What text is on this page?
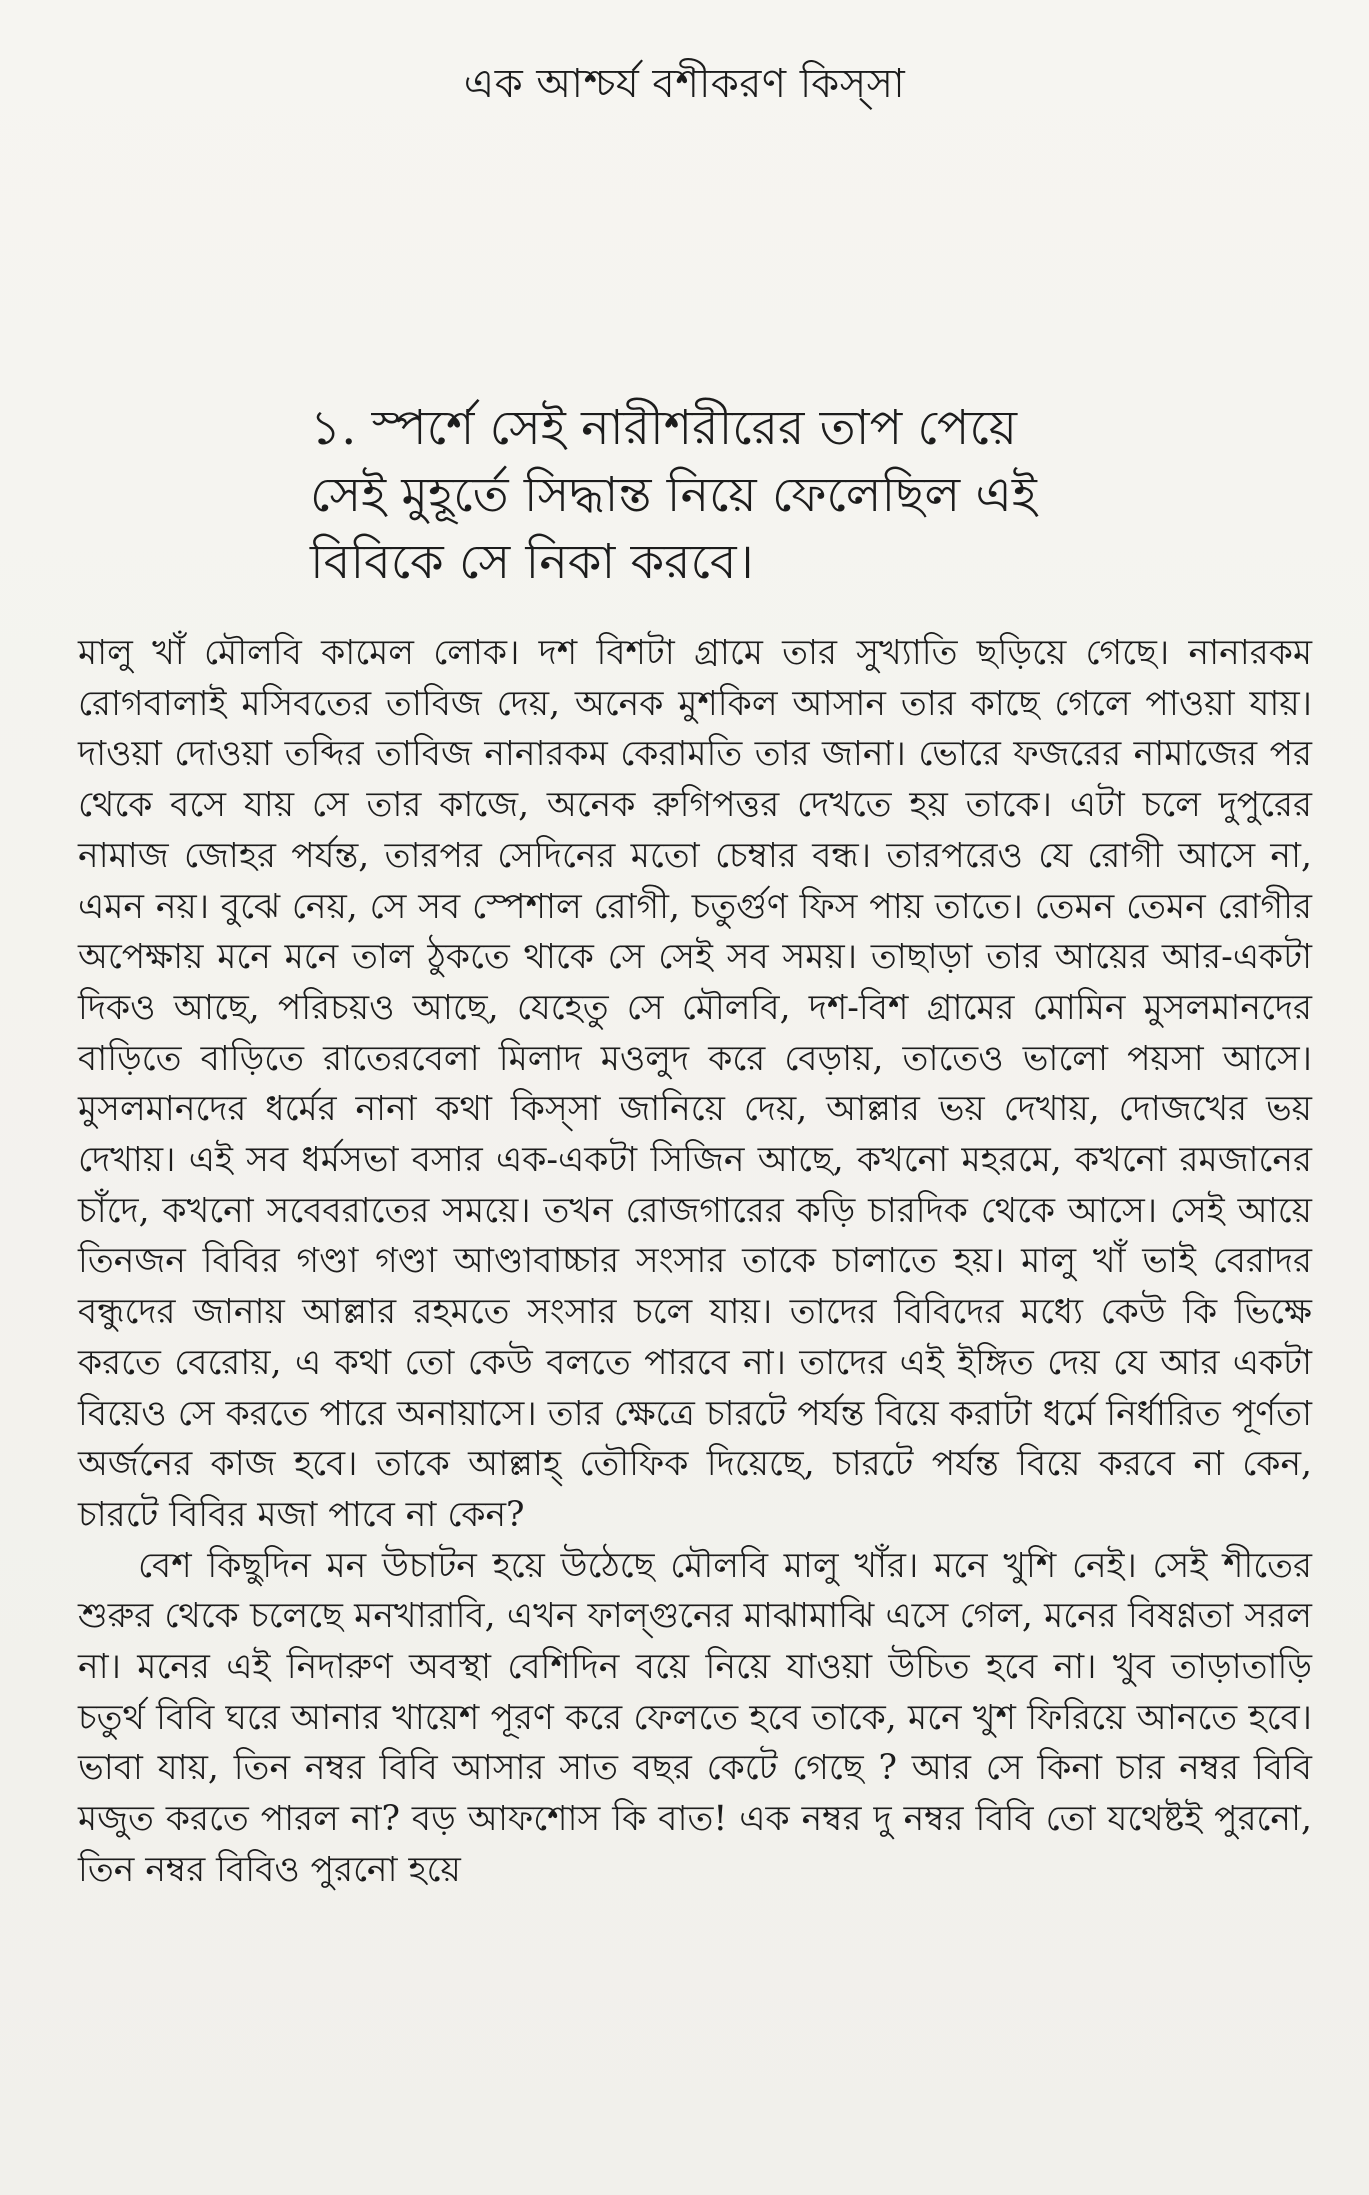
এক আশ্চর্য বশীকরণ কিস্‌সা
১. স্পর্শে সেই নারীশরীরের তাপ পেয়ে সেই মুহূর্তে সিদ্ধান্ত নিয়ে ফেলেছিল এই বিবিকে সে নিকা করবে।

মালু খাঁ মৌলবি কামেল লোক। দশ বিশটা গ্রামে তার সুখ্যাতি ছড়িয়ে গেছে। নানারকম রোগবালাই মসিবতের তাবিজ দেয়, অনেক মুশকিল আসান তার কাছে গেলে পাওয়া যায়। দাওয়া দোওয়া তব্দির তাবিজ নানারকম কেরামতি তার জানা। ভোরে ফজরের নামাজের পর থেকে বসে যায় সে তার কাজে, অনেক রুগিপত্তর দেখতে হয় তাকে। এটা চলে দুপুরের নামাজ জোহর পর্যন্ত, তারপর সেদিনের মতো চেম্বার বন্ধ। তারপরেও যে রোগী আসে না, এমন নয়। বুঝে নেয়, সে সব স্পেশাল রোগী, চতুর্গুণ ফিস পায় তাতে। তেমন তেমন রোগীর অপেক্ষায় মনে মনে তাল ঠুকতে থাকে সে সেই সব সময়। তাছাড়া তার আয়ের আর-একটা দিকও আছে, পরিচয়ও আছে, যেহেতু সে মৌলবি, দশ-বিশ গ্রামের মোমিন মুসলমানদের বাড়িতে বাড়িতে রাতেরবেলা মিলাদ মওলুদ করে বেড়ায়, তাতেও ভালো পয়সা আসে। মুসলমানদের ধর্মের নানা কথা কিস্‌সা জানিয়ে দেয়, আল্লার ভয় দেখায়, দোজখের ভয় দেখায়। এই সব ধর্মসভা বসার এক-একটা সিজিন আছে, কখনো মহরমে, কখনো রমজানের চাঁদে, কখনো সবেবরাতের সময়ে। তখন রোজগারের কড়ি চারদিক থেকে আসে। সেই আয়ে তিনজন বিবির গণ্ডা গণ্ডা আণ্ডাবাচ্চার সংসার তাকে চালাতে হয়। মালু খাঁ ভাই বেরাদর বন্ধুদের জানায় আল্লার রহমতে সংসার চলে যায়। তাদের বিবিদের মধ্যে কেউ কি ভিক্ষে করতে বেরোয়, এ কথা তো কেউ বলতে পারবে না। তাদের এই ইঙ্গিত দেয় যে আর একটা বিয়েও সে করতে পারে অনায়াসে। তার ক্ষেত্রে চারটে পর্যন্ত বিয়ে করাটা ধর্মে নির্ধারিত পূর্ণতা অর্জনের কাজ হবে। তাকে আল্লাহ্‌ তৌফিক দিয়েছে, চারটে পর্যন্ত বিয়ে করবে না কেন, চারটে বিবির মজা পাবে না কেন?

বেশ কিছুদিন মন উচাটন হয়ে উঠেছে মৌলবি মালু খাঁর। মনে খুশি নেই। সেই শীতের শুরুর থেকে চলেছে মনখারাবি, এখন ফাল্গুনের মাঝামাঝি এসে গেল, মনের বিষণ্ণতা সরল না। মনের এই নিদারুণ অবস্থা বেশিদিন বয়ে নিয়ে যাওয়া উচিত হবে না। খুব তাড়াতাড়ি চতুর্থ বিবি ঘরে আনার খায়েশ পূরণ করে ফেলতে হবে তাকে, মনে খুশ ফিরিয়ে আনতে হবে। ভাবা যায়, তিন নম্বর বিবি আসার সাত বছর কেটে গেছে ? আর সে কিনা চার নম্বর বিবি মজুত করতে পারল না? বড় আফশোস কি বাত! এক নম্বর দু নম্বর বিবি তো যথেষ্টই পুরনো, তিন নম্বর বিবিও পুরনো হয়ে
